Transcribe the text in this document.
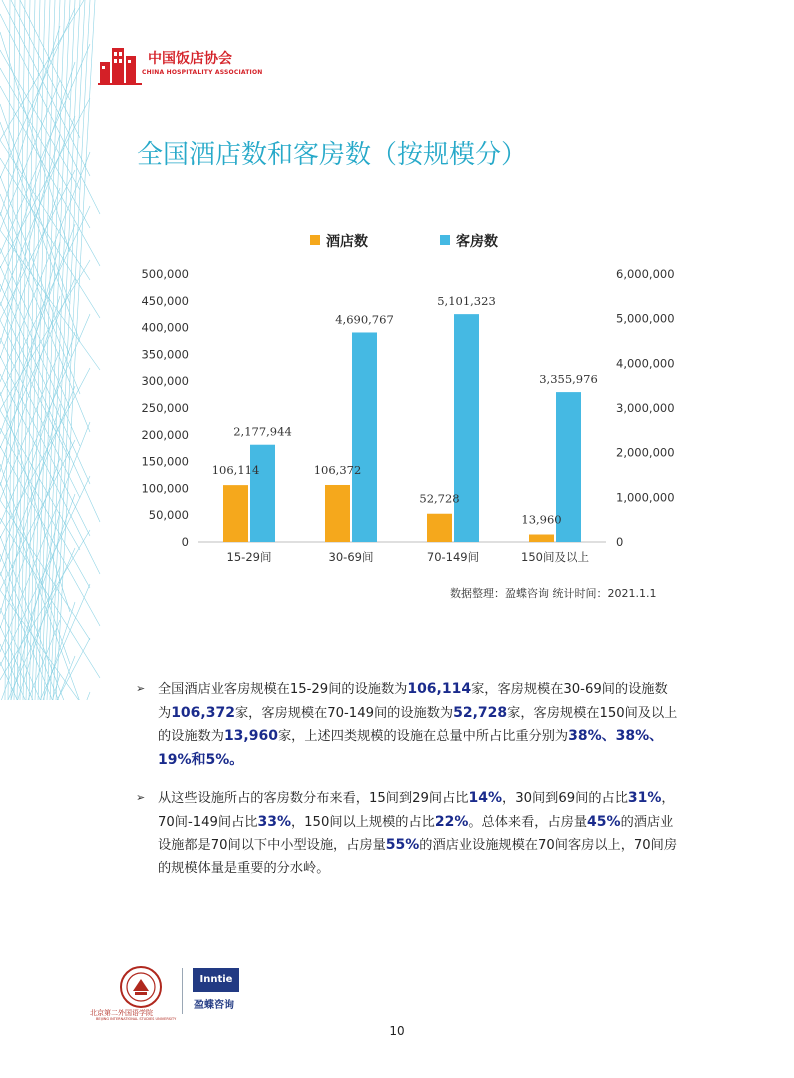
中国饭店协会
CHINA HOSPITALITY ASSOCIATION
全国酒店数和客房数（按规模分）
酒店数	客房数
0
50,000
100,000
150,000
200,000
250,000
300,000
350,000
400,000
450,000
500,000
0
1,000,000
2,000,000
3,000,000
4,000,000
5,000,000
6,000,000
106,114
2,177,944
15-29间
106,372
4,690,767
30-69间
52,728
5,101,323
70-149间
13,960
3,355,976
150间及以上
数据整理：盈蝶咨询 统计时间：2021.1.1
➢ 全国酒店业客房规模在15-29间的设施数为106,114家，客房规模在30-69间的设施数为106,372家，客房规模在70-149间的设施数为52,728家，客房规模在150间及以上的设施数为13,960家，上述四类规模的设施在总量中所占比重分别为38%、38%、19%和5%。
➢ 从这些设施所占的客房数分布来看，15间到29间占比14%，30间到69间的占比31%，70间-149间占比33%，150间以上规模的占比22%。总体来看，占房量45%的酒店业设施都是70间以下中小型设施，占房量55%的酒店业设施规模在70间客房以上，70间房的规模体量是重要的分水岭。
北京第二外国语学院
BEIJING INTERNATIONAL STUDIES UNIVERSITY
Inntie
盈蝶咨询
10
